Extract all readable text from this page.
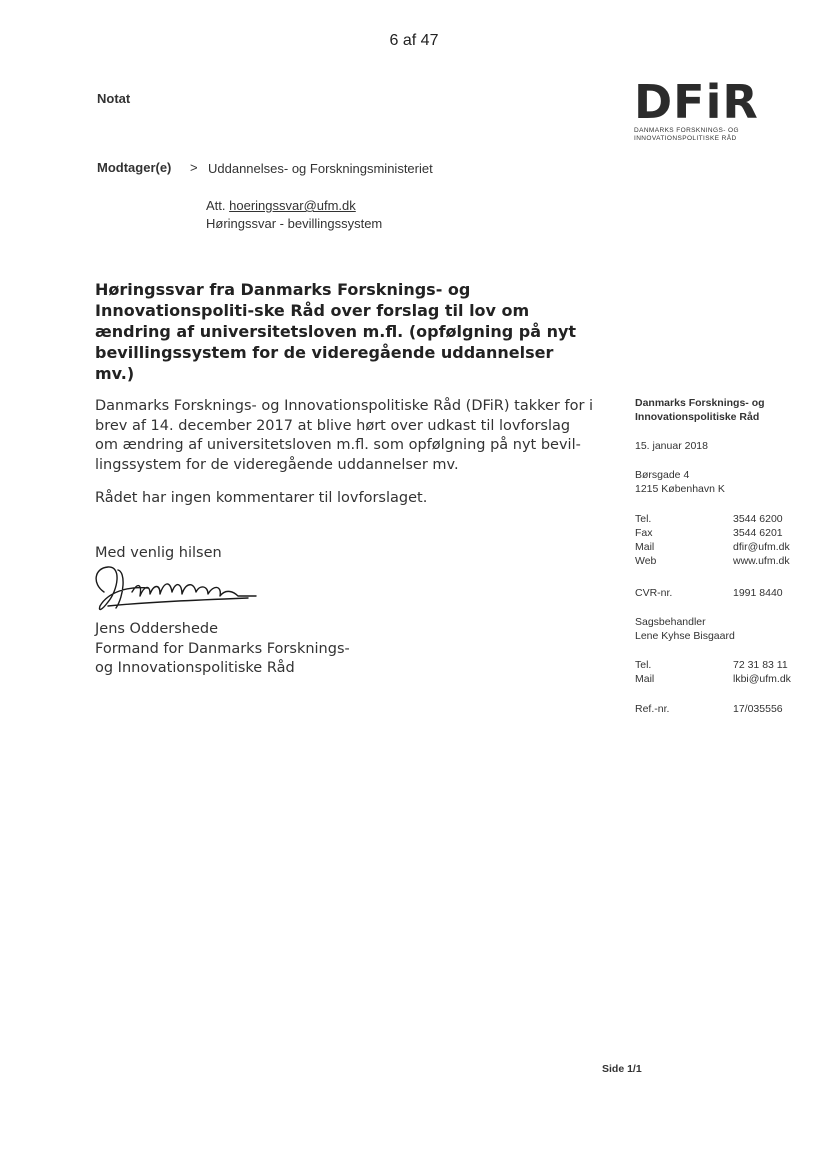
6 af 47
Notat	DFiR
DANMARKS FORSKNINGS- OG
INNOVATIONSPOLITISKE RÅD
Modtager(e) > Uddannelses- og Forskningsministeriet
Att. hoeringssvar@ufm.dk
Høringssvar - bevillingssystem
Høringssvar fra Danmarks Forsknings- og Innovationspoliti-ske Råd over forslag til lov om ændring af universitetsloven m.fl. (opfølgning på nyt bevillingssystem for de videregående uddannelser mv.)
Danmarks Forsknings- og Innovationspolitiske Råd (DFiR) takker for i brev af 14. december 2017 at blive hørt over udkast til lovforslag om ændring af universitetsloven m.fl. som opfølgning på nyt bevil-lingssystem for de videregående uddannelser mv.
Rådet har ingen kommentarer til lovforslaget.
Med venlig hilsen
Jens Oddershede
Formand for Danmarks Forsknings-
og Innovationspolitiske Råd
Danmarks Forsknings- og
Innovationspolitiske Råd
15. januar 2018
Børsgade 4
1215 København K
Tel.	3544 6200
Fax	3544 6201
Mail	dfir@ufm.dk
Web	www.ufm.dk
CVR-nr.	1991 8440
Sagsbehandler
Lene Kyhse Bisgaard
Tel.	72 31 83 11
Mail	lkbi@ufm.dk
Ref.-nr.	17/035556
Side 1/1
